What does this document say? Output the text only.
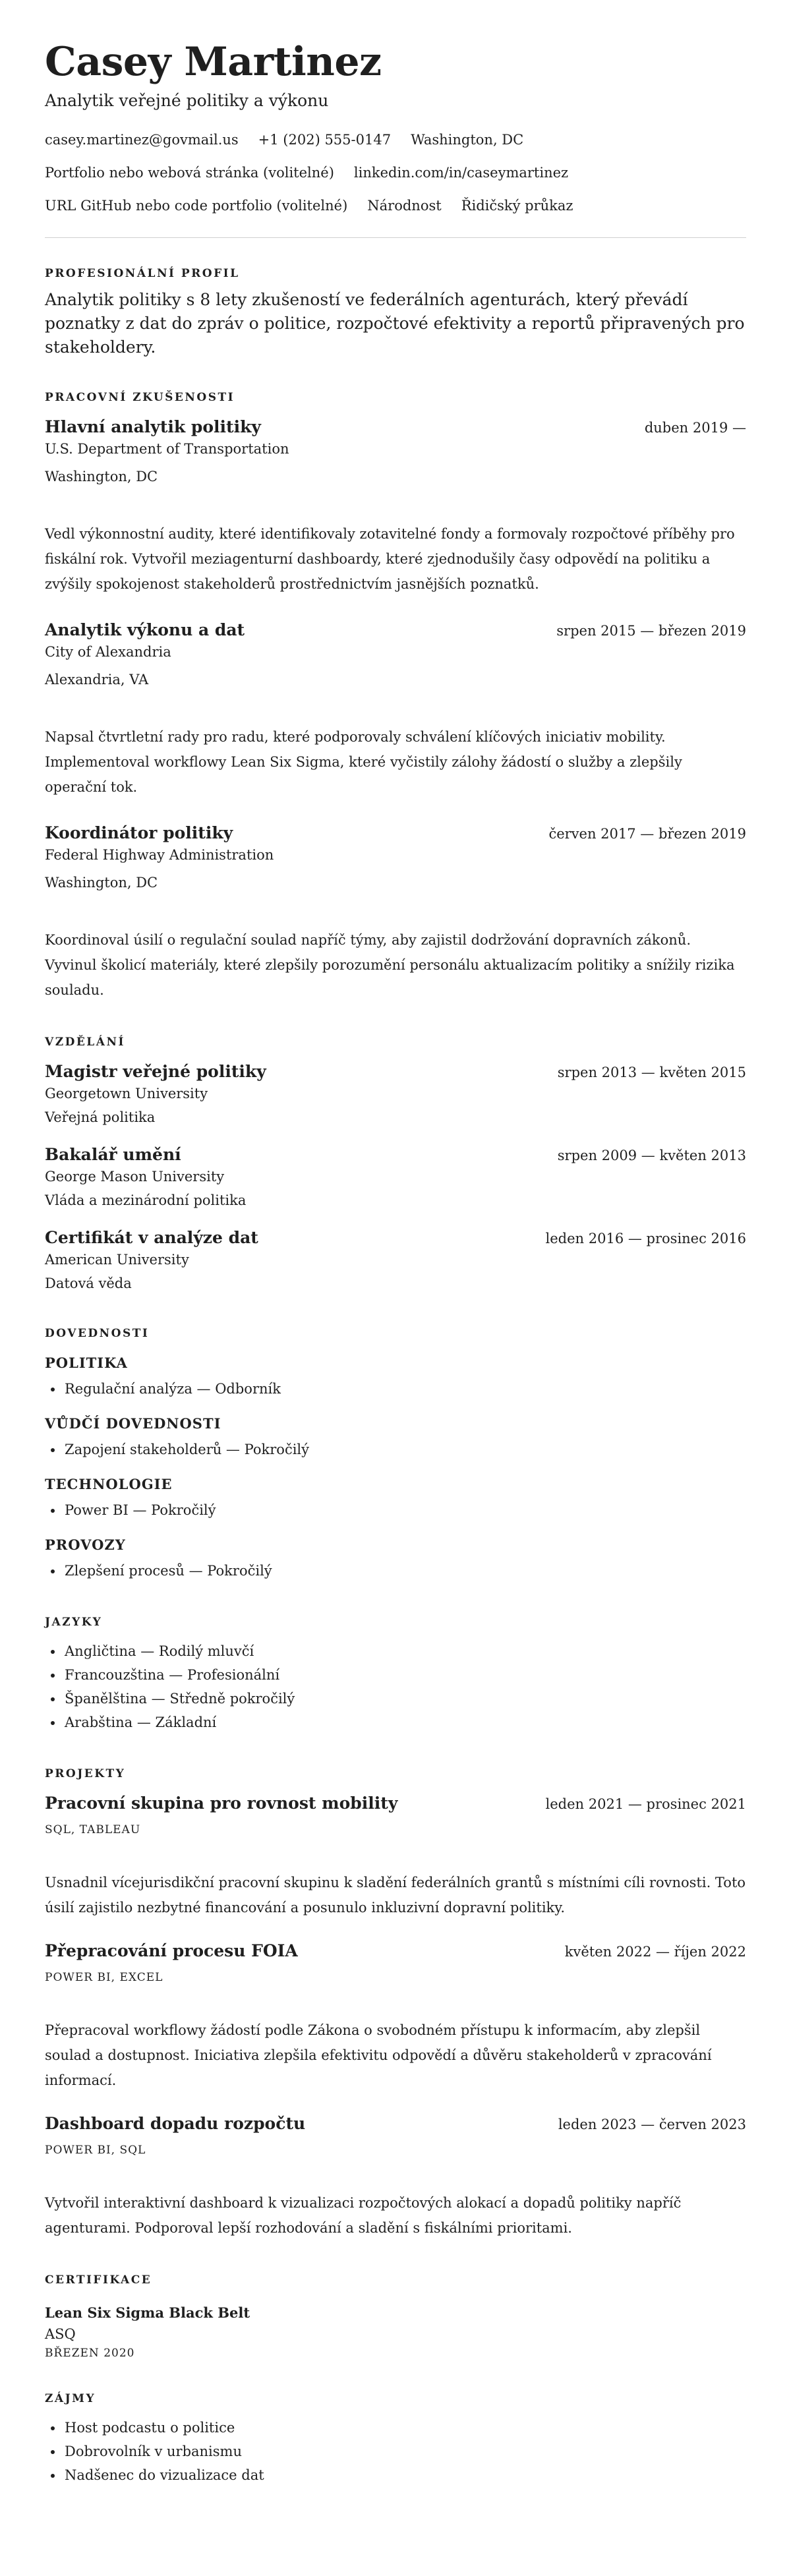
Casey Martinez
Analytik veřejné politiky a výkonu
casey.martinez@govmail.us +1 (202) 555-0147 Washington, DC
Portfolio nebo webová stránka (volitelné) linkedin.com/in/caseymartinez
URL GitHub nebo code portfolio (volitelné) Národnost Řidičský průkaz
PROFESIONÁLNÍ PROFIL
Analytik politiky s 8 lety zkušeností ve federálních agenturách, který převádí poznatky z dat do zpráv o politice, rozpočtové efektivity a reportů připravených pro stakeholdery.
PRACOVNÍ ZKUŠENOSTI
Hlavní analytik politiky	duben 2019 —
U.S. Department of Transportation
Washington, DC
Vedl výkonnostní audity, které identifikovaly zotavitelné fondy a formovaly rozpočtové příběhy pro fiskální rok. Vytvořil meziagenturní dashboardy, které zjednodušily časy odpovědí na politiku a zvýšily spokojenost stakeholderů prostřednictvím jasnějších poznatků.
Analytik výkonu a dat	srpen 2015 — březen 2019
City of Alexandria
Alexandria, VA
Napsal čtvrtletní rady pro radu, které podporovaly schválení klíčových iniciativ mobility. Implementoval workflowy Lean Six Sigma, které vyčistily zálohy žádostí o služby a zlepšily operační tok.
Koordinátor politiky	červen 2017 — březen 2019
Federal Highway Administration
Washington, DC
Koordinoval úsilí o regulační soulad napříč týmy, aby zajistil dodržování dopravních zákonů. Vyvinul školicí materiály, které zlepšily porozumění personálu aktualizacím politiky a snížily rizika souladu.
VZDĚLÁNÍ
Magistr veřejné politiky	srpen 2013 — květen 2015
Georgetown University
Veřejná politika
Bakalář umění	srpen 2009 — květen 2013
George Mason University
Vláda a mezinárodní politika
Certifikát v analýze dat	leden 2016 — prosinec 2016
American University
Datová věda
DOVEDNOSTI
POLITIKA
• Regulační analýza — Odborník
VŮDČÍ DOVEDNOSTI
• Zapojení stakeholderů — Pokročilý
TECHNOLOGIE
• Power BI — Pokročilý
PROVOZY
• Zlepšení procesů — Pokročilý
JAZYKY
• Angličtina — Rodilý mluvčí
• Francouzština — Profesionální
• Španělština — Středně pokročilý
• Arabština — Základní
PROJEKTY
Pracovní skupina pro rovnost mobility	leden 2021 — prosinec 2021
SQL, TABLEAU
Usnadnil vícejurisdikční pracovní skupinu k sladění federálních grantů s místními cíli rovnosti. Toto úsilí zajistilo nezbytné financování a posunulo inkluzivní dopravní politiky.
Přepracování procesu FOIA	květen 2022 — říjen 2022
POWER BI, EXCEL
Přepracoval workflowy žádostí podle Zákona o svobodném přístupu k informacím, aby zlepšil soulad a dostupnost. Iniciativa zlepšila efektivitu odpovědí a důvěru stakeholderů v zpracování informací.
Dashboard dopadu rozpočtu	leden 2023 — červen 2023
POWER BI, SQL
Vytvořil interaktivní dashboard k vizualizaci rozpočtových alokací a dopadů politiky napříč agenturami. Podporoval lepší rozhodování a sladění s fiskálními prioritami.
CERTIFIKACE
Lean Six Sigma Black Belt
ASQ
BŘEZEN 2020
ZÁJMY
• Host podcastu o politice
• Dobrovolník v urbanismu
• Nadšenec do vizualizace dat
